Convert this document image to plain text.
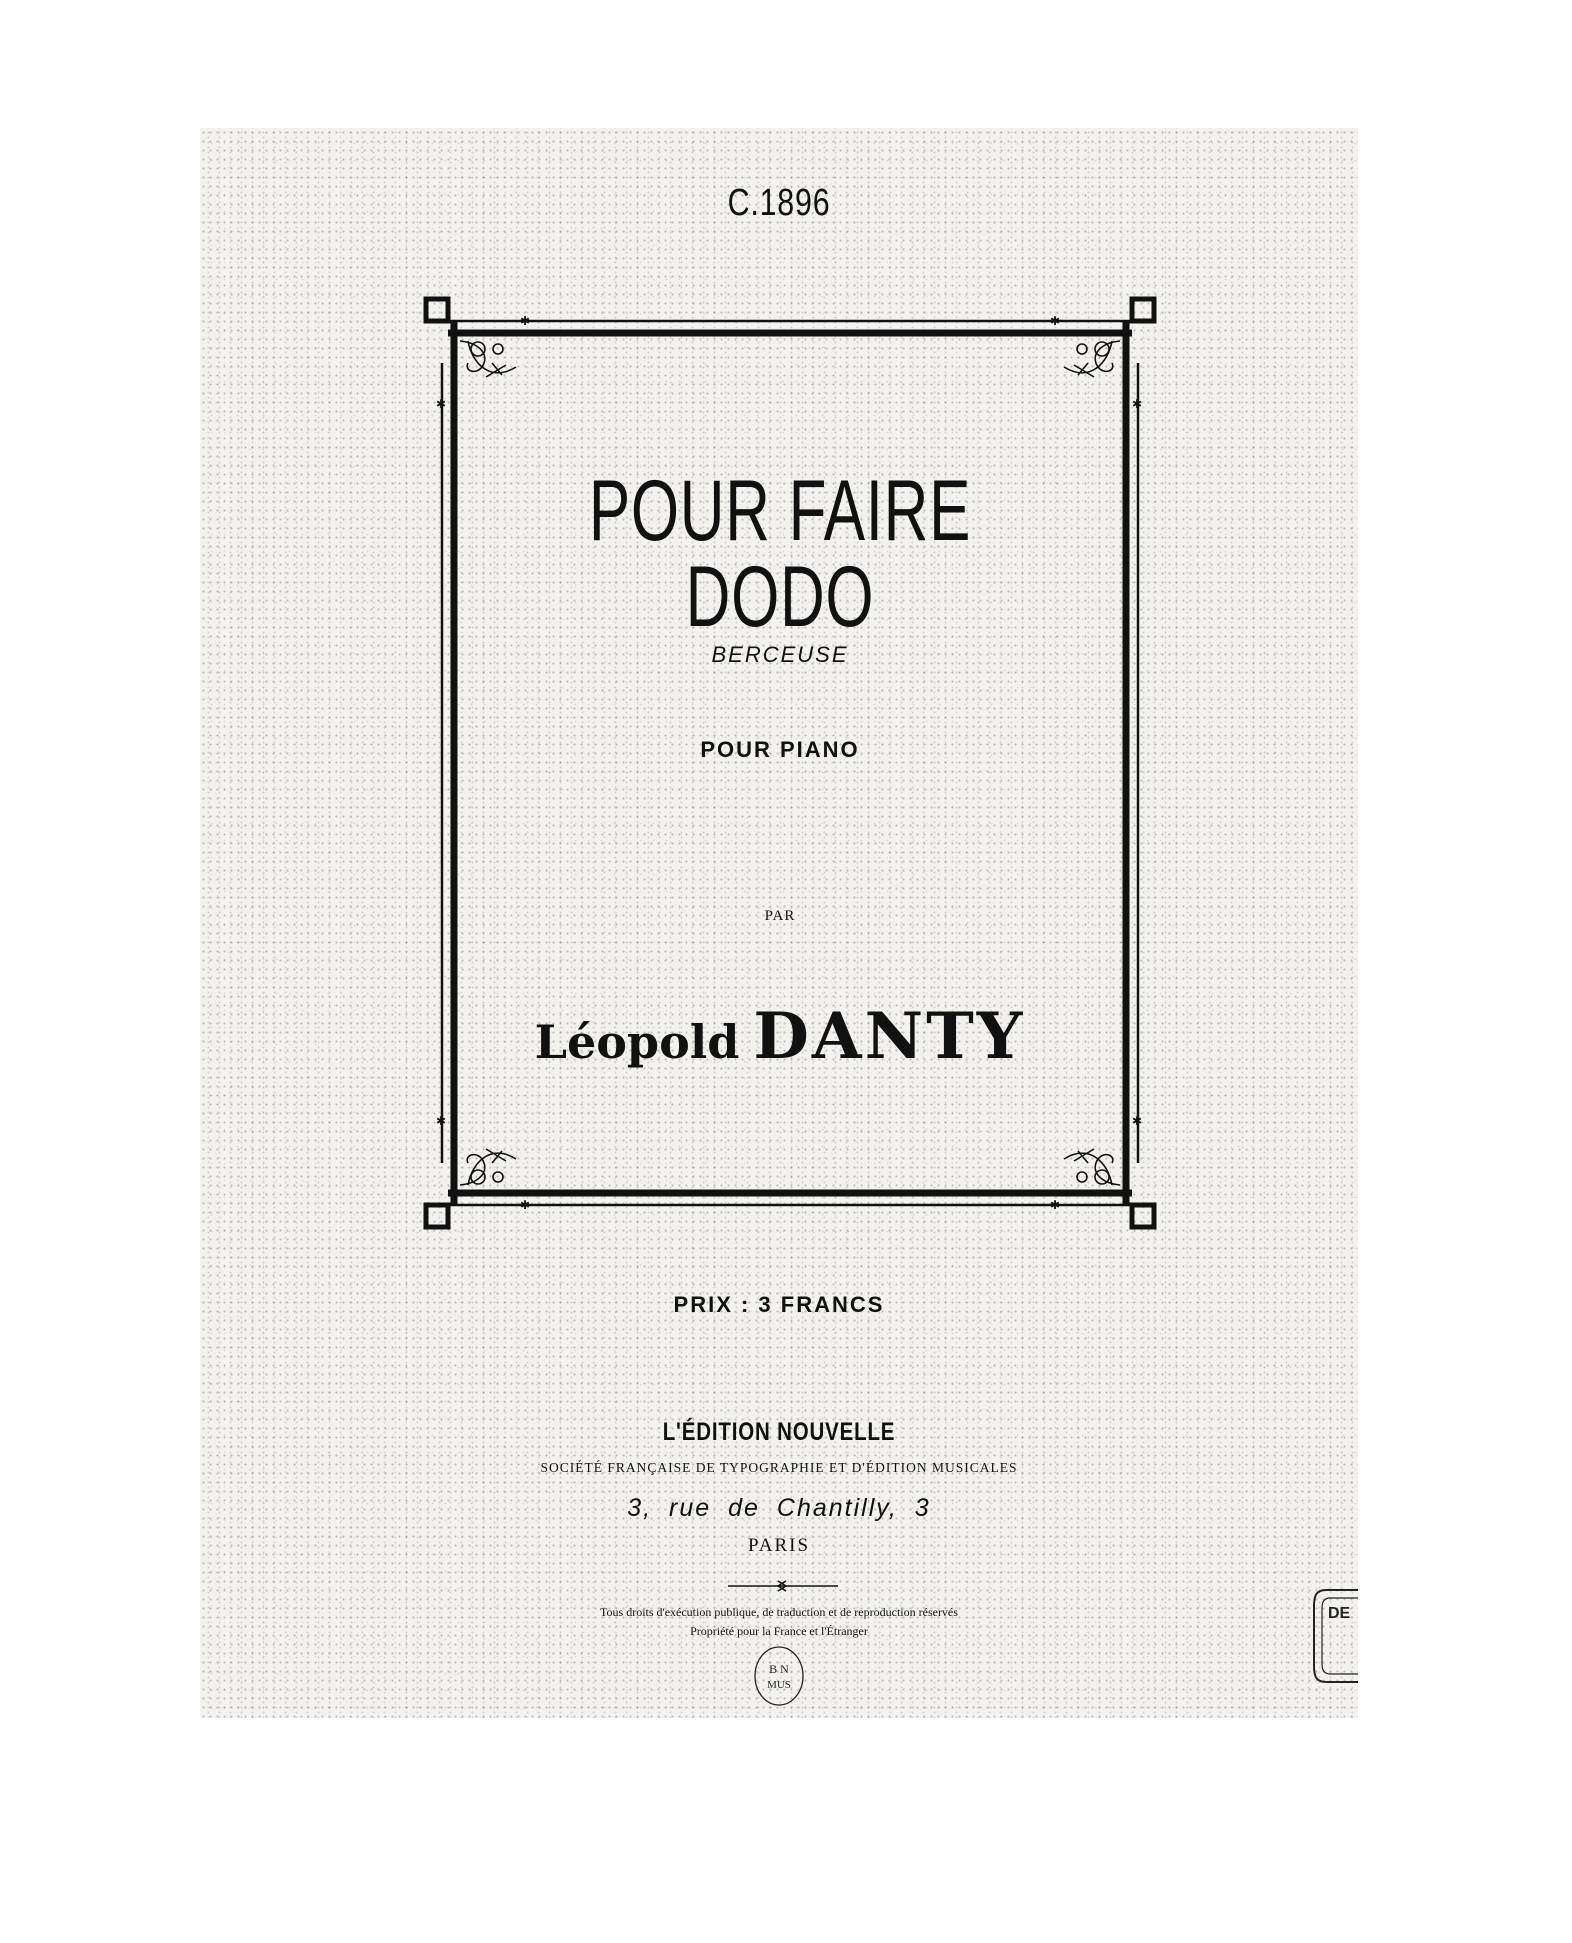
C.1896
✱	✱
✱	✱
✱	✱
✱	✱
POUR FAIRE DODO
BERCEUSE
POUR PIANO
PAR
Léopold DANTY
PRIX : 3 FRANCS
L'ÉDITION NOUVELLE
SOCIÉTÉ FRANÇAISE DE TYPOGRAPHIE ET D'ÉDITION MUSICALES
3, rue de Chantilly, 3
PARIS
Tous droits d'exécution publique, de traduction et de reproduction réservés
Propriété pour la France et l'Étranger
B N
MUS
DE
